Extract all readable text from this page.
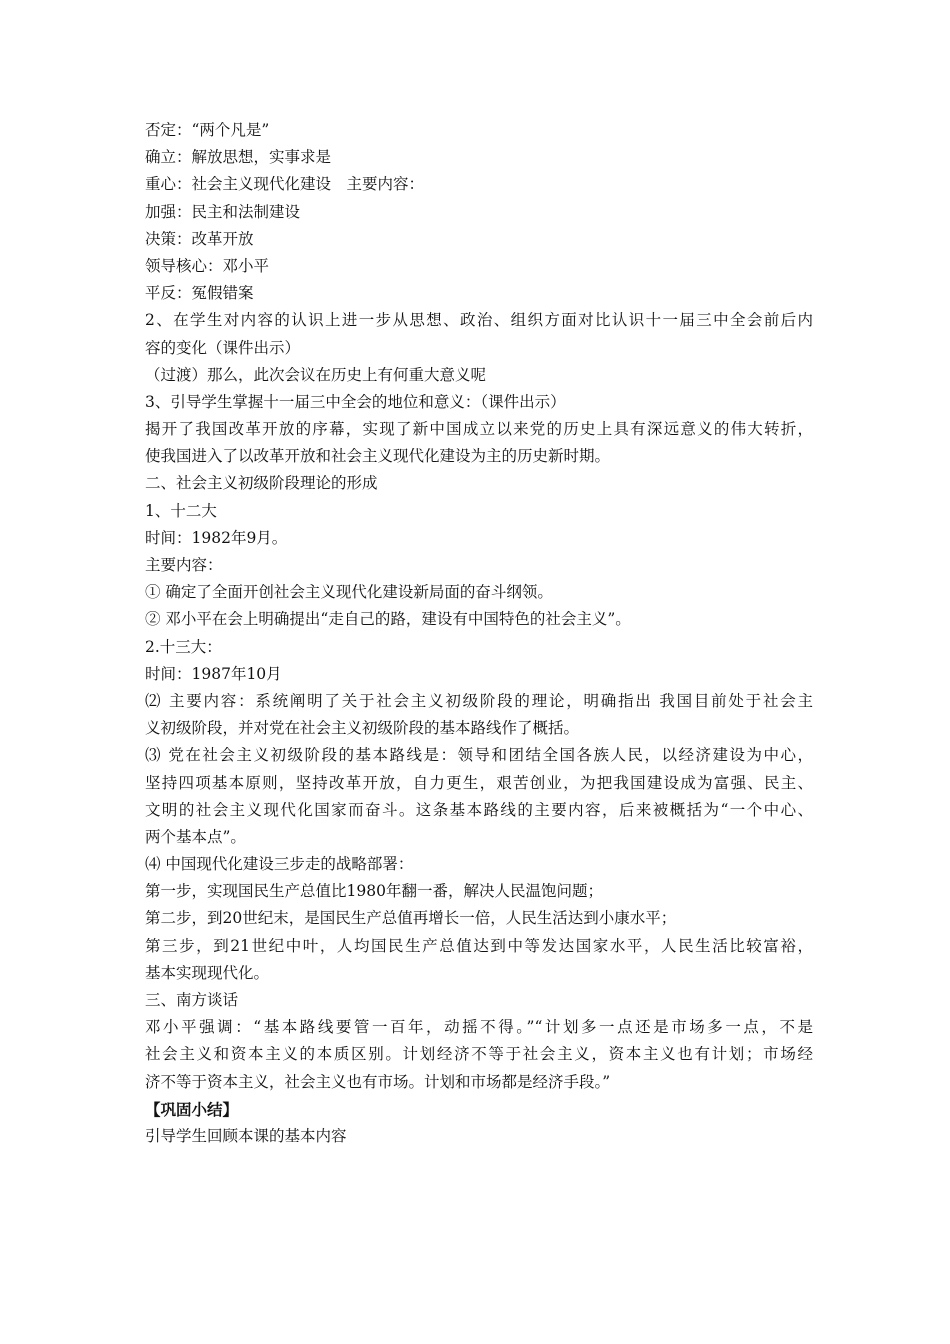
否定：“两个凡是”
确立：解放思想，实事求是
重心：社会主义现代化建设　主要内容：
加强：民主和法制建设
决策：改革开放
领导核心：邓小平
平反：冤假错案
2、在学生对内容的认识上进一步从思想、政治、组织方面对比认识十一届三中全会前后内
容的变化（课件出示）
（过渡）那么，此次会议在历史上有何重大意义呢
3、引导学生掌握十一届三中全会的地位和意义：（课件出示）
揭开了我国改革开放的序幕，实现了新中国成立以来党的历史上具有深远意义的伟大转折，
使我国进入了以改革开放和社会主义现代化建设为主的历史新时期。
二、社会主义初级阶段理论的形成
1、十二大
时间：1982年9月。
主要内容：
① 确定了全面开创社会主义现代化建设新局面的奋斗纲领。
② 邓小平在会上明确提出“走自己的路，建设有中国特色的社会主义”。
2.十三大：
时间：1987年10月
⑵ 主要内容：系统阐明了关于社会主义初级阶段的理论，明确指出 我国目前处于社会主
义初级阶段，并对党在社会主义初级阶段的基本路线作了概括。
⑶ 党在社会主义初级阶段的基本路线是：领导和团结全国各族人民，以经济建设为中心，
坚持四项基本原则，坚持改革开放，自力更生，艰苦创业，为把我国建设成为富强、民主、
文明的社会主义现代化国家而奋斗。这条基本路线的主要内容，后来被概括为“一个中心、
两个基本点”。
⑷ 中国现代化建设三步走的战略部署：
第一步，实现国民生产总值比1980年翻一番，解决人民温饱问题；
第二步，到20世纪末，是国民生产总值再增长一倍，人民生活达到小康水平；
第三步，到21世纪中叶，人均国民生产总值达到中等发达国家水平，人民生活比较富裕，
基本实现现代化。
三、南方谈话
邓小平强调：“基本路线要管一百年，动摇不得。”“计划多一点还是市场多一点，不是
社会主义和资本主义的本质区别。计划经济不等于社会主义，资本主义也有计划；市场经
济不等于资本主义，社会主义也有市场。计划和市场都是经济手段。”
【巩固小结】
引导学生回顾本课的基本内容
